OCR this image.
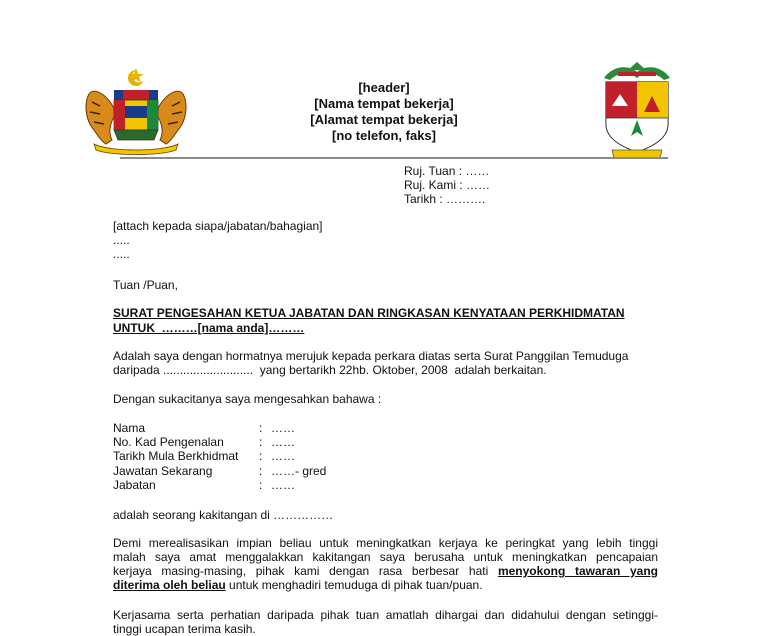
[header]
[Nama tempat bekerja]
[Alamat tempat bekerja]
[no telefon, faks]
Ruj. Tuan : ……
Ruj. Kami : ……
Tarikh : ……….
[attach kepada siapa/jabatan/bahagian]
.....
.....
Tuan /Puan,
SURAT PENGESAHAN KETUA JABATAN DAN RINGKASAN KENYATAAN PERKHIDMATAN
UNTUK  ………[nama anda]………
Adalah saya dengan hormatnya merujuk kepada perkara diatas serta Surat Panggilan Temuduga
daripada ...........................  yang bertarikh 22hb. Oktober, 2008  adalah berkaitan.
Dengan sukacitanya saya mengesahkan bahawa :
Nama	: ……
No. Kad Pengenalan	: ……
Tarikh Mula Berkhidmat : ……
Jawatan Sekarang	: ……- gred
Jabatan	: ……
adalah seorang kakitangan di ……………
Demi merealisasikan impian beliau untuk meningkatkan kerjaya ke peringkat yang lebih tinggi
malah saya amat menggalakkan kakitangan saya berusaha untuk meningkatkan pencapaian
kerjaya masing-masing, pihak kami dengan rasa berbesar hati menyokong tawaran yang
diterima oleh beliau untuk menghadiri temuduga di pihak tuan/puan.
Kerjasama serta perhatian daripada pihak tuan amatlah dihargai dan didahului dengan setinggi-
tinggi ucapan terima kasih.
